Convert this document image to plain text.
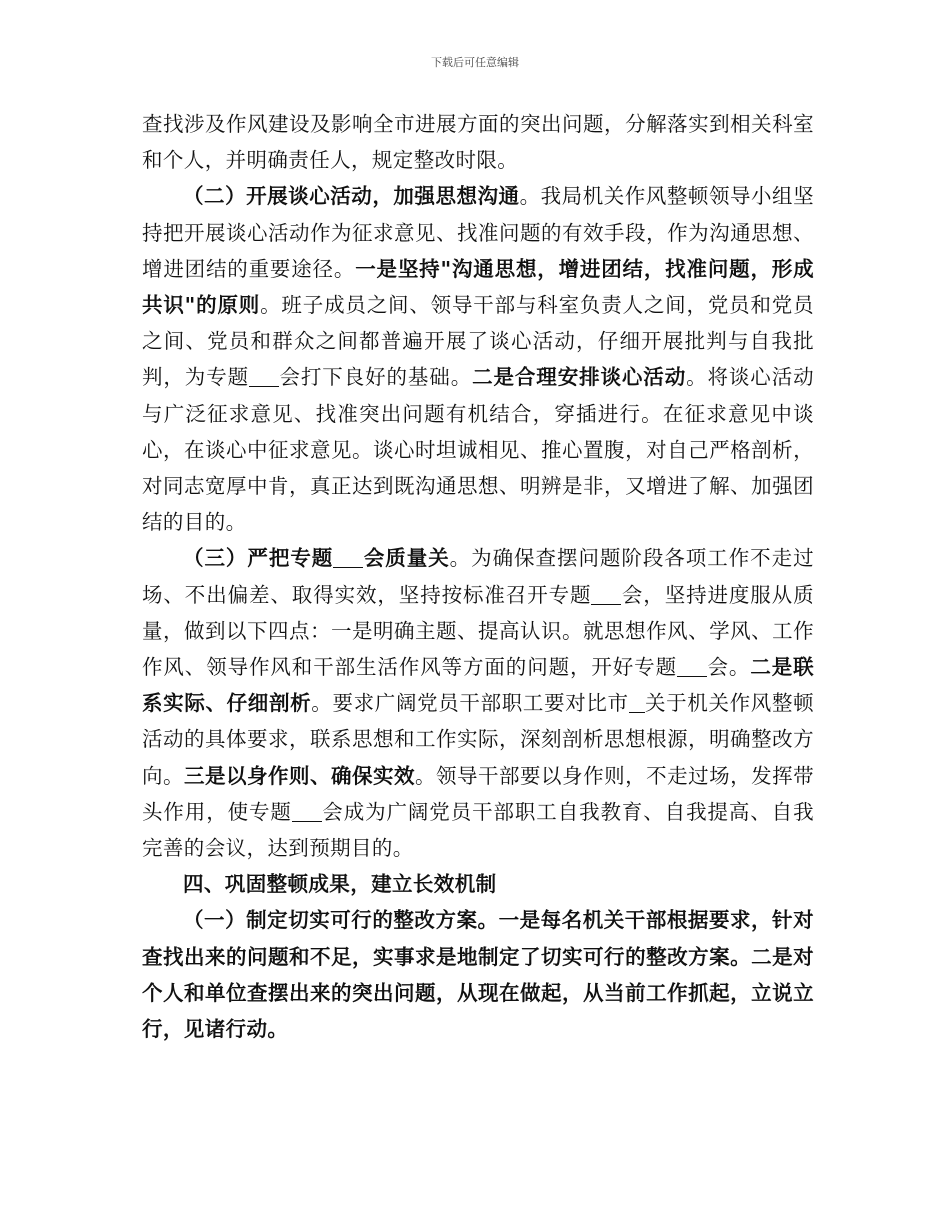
下载后可任意编辑

查找涉及作风建设及影响全市进展方面的突出问题，分解落实到相关科室和个人，并明确责任人，规定整改时限。

（二）开展谈心活动，加强思想沟通。我局机关作风整顿领导小组坚持把开展谈心活动作为征求意见、找准问题的有效手段，作为沟通思想、增进团结的重要途径。一是坚持"沟通思想，增进团结，找准问题，形成共识"的原则。班子成员之间、领导干部与科室负责人之间，党员和党员之间、党员和群众之间都普遍开展了谈心活动，仔细开展批判与自我批判，为专题 会打下良好的基础。二是合理安排谈心活动。将谈心活动与广泛征求意见、找准突出问题有机结合，穿插进行。在征求意见中谈心，在谈心中征求意见。谈心时坦诚相见、推心置腹，对自己严格剖析，对同志宽厚中肯，真正达到既沟通思想、明辨是非，又增进了解、加强团结的目的。

（三）严把专题 会质量关。为确保查摆问题阶段各项工作不走过场、不出偏差、取得实效，坚持按标准召开专题 会，坚持进度服从质量，做到以下四点：一是明确主题、提高认识。就思想作风、学风、工作作风、领导作风和干部生活作风等方面的问题，开好专题 会。二是联系实际、仔细剖析。要求广阔党员干部职工要对比市 关于机关作风整顿活动的具体要求，联系思想和工作实际，深刻剖析思想根源，明确整改方向。三是以身作则、确保实效。领导干部要以身作则，不走过场，发挥带头作用，使专题 会成为广阔党员干部职工自我教育、自我提高、自我完善的会议，达到预期目的。

四、巩固整顿成果，建立长效机制

（一）制定切实可行的整改方案。一是每名机关干部根据要求，针对查找出来的问题和不足，实事求是地制定了切实可行的整改方案。二是对个人和单位查摆出来的突出问题，从现在做起，从当前工作抓起，立说立行，见诸行动。
